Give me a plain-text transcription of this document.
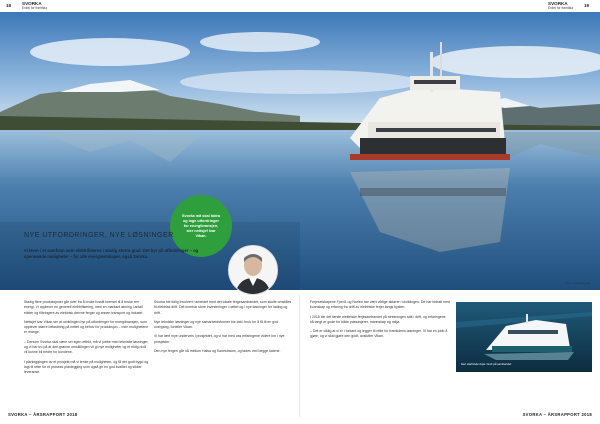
18 SVORKA
Enkel for framtida
SVORKA
Enkel for framtida 19
Svorka må skal bidra og lage utfordringer for energibransjen, sier nettsjef Ivar Vikan.
NYE UTFORDRINGER, NYE LØSNINGER
Vi lever i et samfunn som elektrifiseres i stadig større grad. Det byr på utfordringer – og spennende muligheter – for alle energiselskaper, også Svorka.
Foto: Lasse Moe AS

Stadig flere produksjoner går over fra å bruke fossilt brensel til å bruke ren energi. Vi opplever en generell elektrifisering, med en markant økning i antall elbiler og tilbringere av elektrisk drevne ferger og annen transport og industri.

Nettsjef Ivar Vikan ser at utviklingen byr på utfordringer for energibransjen, som opplever større belastning på nettet og behov for produksjon – men mulighetene er mange.

– Dersom Svorka skal være sin egen effekt, må vi jobbe med tekniske løsninger, og vi har tro på at den grønne omstillingen vil gi nye muligheter og et riktig nivå vil kunne bli bedre for kundene.

I planleggingen av et prosjekt må vi tenke på muligheten, og få det godt bygd og lagt til rette for et prosess planlegging som også gir en god kvalitet og sikker leveranse.

Svorka ble tidlig involvert i arbeidet med det lokale fergesambandet, som skulle omstilles til elektrisk drift. Det innebar store investeringer i nettet og i nye løsninger for lading og drift.

Nye tekniske løsninger og nye samarbeidsformer ble tatt i bruk for å få til en god overgang, forteller Vikan.

Vi har lært mye underveis i prosjektet, og vi har med oss erfaringene videre inn i nye prosjekter.

Den nye fergen går nå mellom Halsa og Kanestraum, og lades ved begge kaiene.

Ferjeselskapene Fjord1 og Norled har vært viktige aktører i utviklingen. De har bidratt med kunnskap og erfaring fra drift av elektriske ferjer langs kysten.

I 2018 ble det første elektriske ferjesambandet på strekningen satt i drift, og erfaringene så langt er gode for både passasjerer, mannskap og miljø.

– Det er viktig at vi er i forkant og legger til rette for framtidens løsninger. Vi har en jobb å gjøre, og vi skal gjøre den godt, avslutter Vikan.

Den elektriske ferja i bruk på sambandet.
SVORKA – ÅRSRAPPORT 2018	SVORKA – ÅRSRAPPORT 2018
